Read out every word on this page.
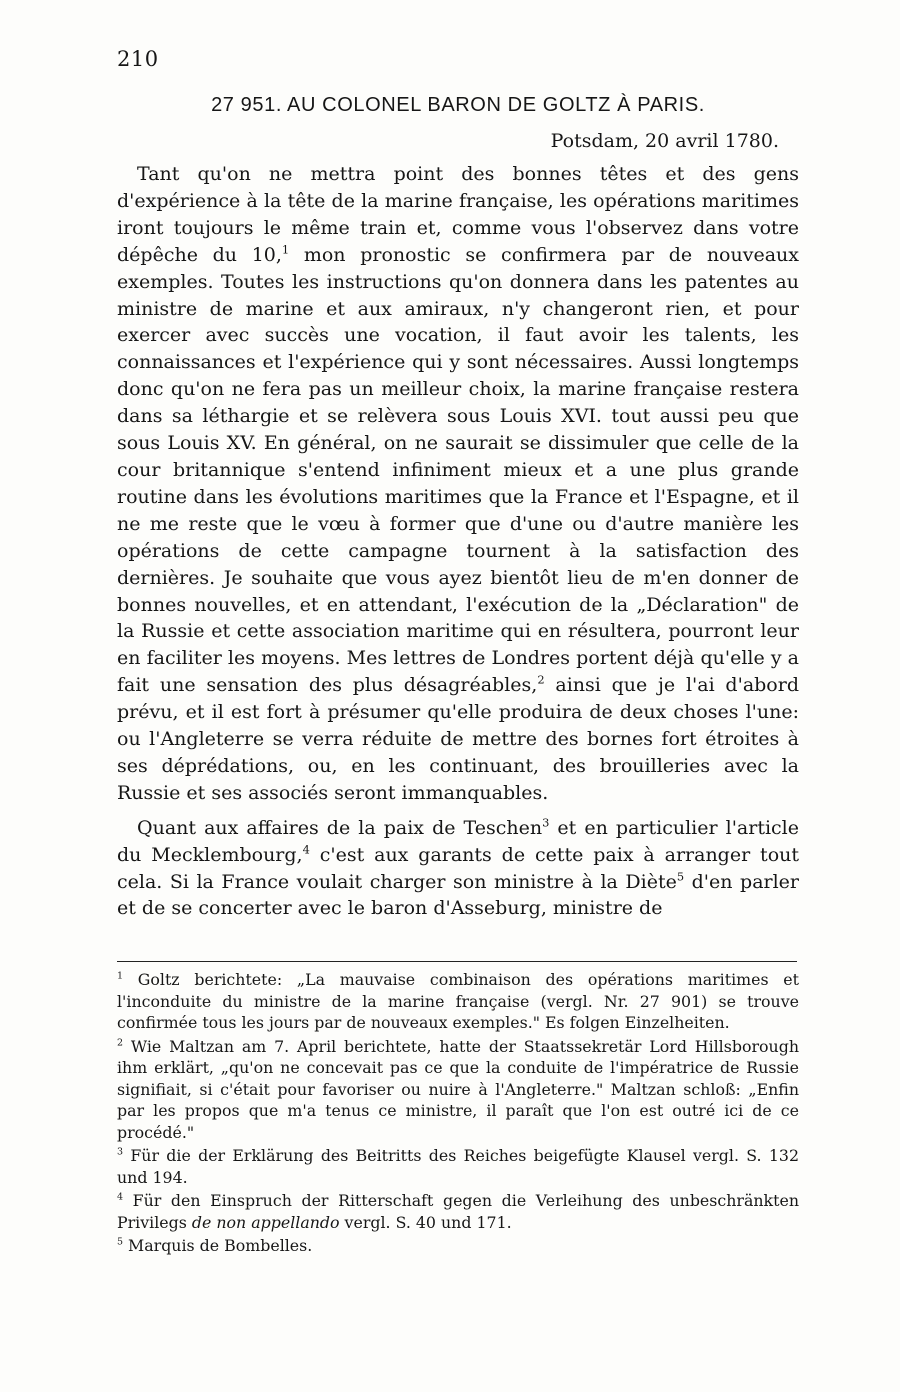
210
27 951. AU COLONEL BARON DE GOLTZ À PARIS.
Potsdam, 20 avril 1780.

Tant qu'on ne mettra point des bonnes têtes et des gens d'expérience à la tête de la marine française, les opérations maritimes iront toujours le même train et, comme vous l'observez dans votre dépêche du 10,$^1$ mon pronostic se confirmera par de nouveaux exemples. Toutes les instructions qu'on donnera dans les patentes au ministre de marine et aux amiraux, n'y changeront rien, et pour exercer avec succès une vocation, il faut avoir les talents, les connaissances et l'expérience qui y sont nécessaires. Aussi longtemps donc qu'on ne fera pas un meilleur choix, la marine française restera dans sa léthargie et se relèvera sous Louis XVI. tout aussi peu que sous Louis XV. En général, on ne saurait se dissimuler que celle de la cour britannique s'entend infiniment mieux et a une plus grande routine dans les évolutions maritimes que la France et l'Espagne, et il ne me reste que le vœu à former que d'une ou d'autre manière les opérations de cette campagne tournent à la satisfaction des dernières. Je souhaite que vous ayez bientôt lieu de m'en donner de bonnes nouvelles, et en attendant, l'exécution de la „Déclaration" de la Russie et cette association maritime qui en résultera, pourront leur en faciliter les moyens. Mes lettres de Londres portent déjà qu'elle y a fait une sensation des plus désagréables,$^2$ ainsi que je l'ai d'abord prévu, et il est fort à présumer qu'elle produira de deux choses l'une: ou l'Angleterre se verra réduite de mettre des bornes fort étroites à ses déprédations, ou, en les continuant, des brouilleries avec la Russie et ses associés seront immanquables.

Quant aux affaires de la paix de Teschen$^3$ et en particulier l'article du Mecklembourg,$^4$ c'est aux garants de cette paix à arranger tout cela. Si la France voulait charger son ministre à la Diète$^5$ d'en parler et de se concerter avec le baron d'Asseburg, ministre de

$^1$ Goltz berichtete: „La mauvaise combinaison des opérations maritimes et l'inconduite du ministre de la marine française (vergl. Nr. 27 901) se trouve confirmée tous les jours par de nouveaux exemples." Es folgen Einzelheiten.

$^2$ Wie Maltzan am 7. April berichtete, hatte der Staatssekretär Lord Hillsborough ihm erklärt, „qu'on ne concevait pas ce que la conduite de l'impératrice de Russie signifiait, si c'était pour favoriser ou nuire à l'Angleterre." Maltzan schloß: „Enfin par les propos que m'a tenus ce ministre, il paraît que l'on est outré ici de ce procédé."

$^3$ Für die der Erklärung des Beitritts des Reiches beigefügte Klausel vergl. S. 132 und 194.

$^4$ Für den Einspruch der Ritterschaft gegen die Verleihung des unbeschränkten Privilegs de non appellando vergl. S. 40 und 171.

$^5$ Marquis de Bombelles.
